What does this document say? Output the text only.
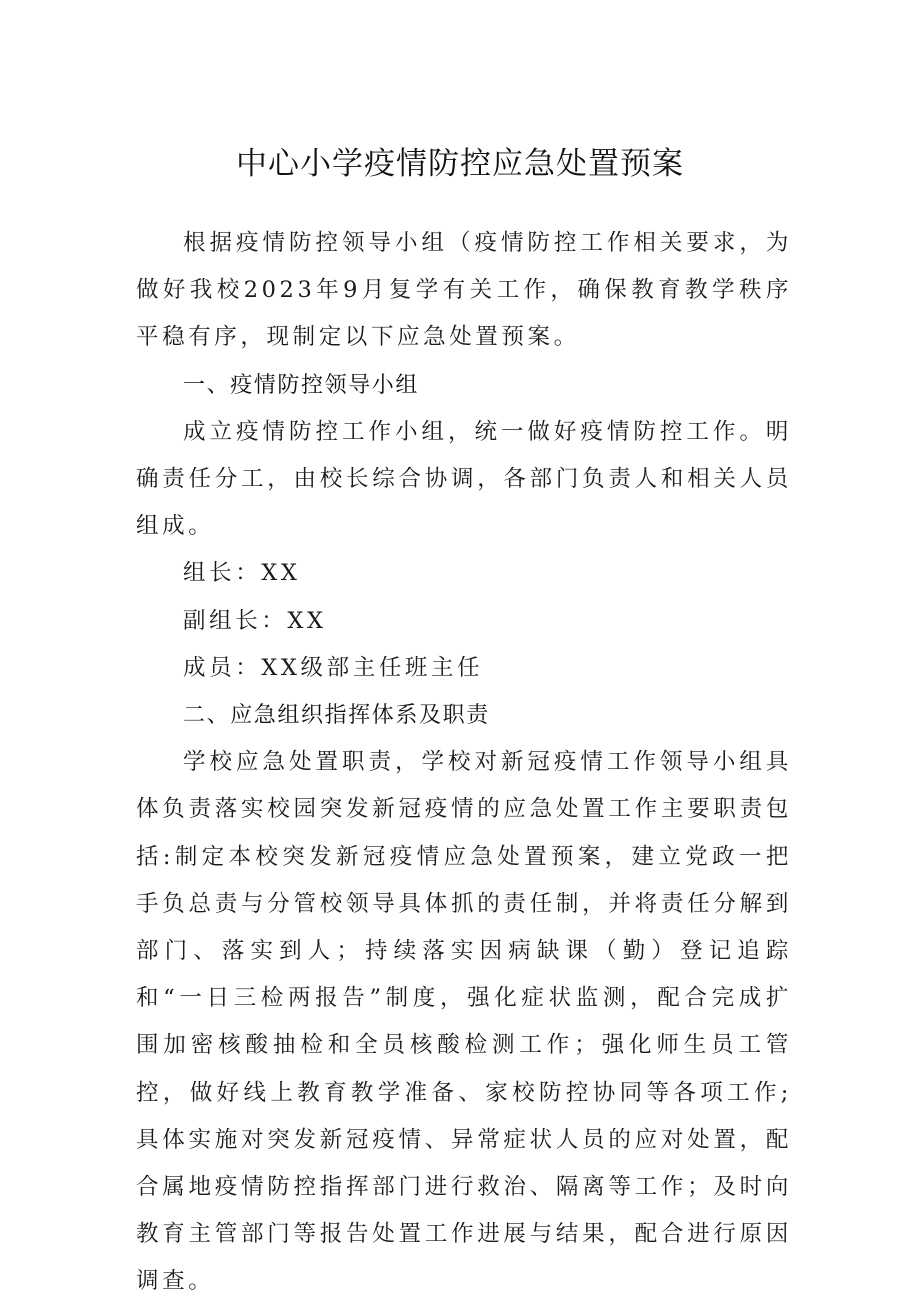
中心小学疫情防控应急处置预案

根据疫情防控领导小组（疫情防控工作相关要求，为做好我校2023年9月复学有关工作，确保教育教学秩序平稳有序，现制定以下应急处置预案。

一、疫情防控领导小组

成立疫情防控工作小组，统一做好疫情防控工作。明确责任分工，由校长综合协调，各部门负责人和相关人员组成。

组长：XX

副组长：XX

成员：XX级部主任班主任

二、应急组织指挥体系及职责

学校应急处置职责，学校对新冠疫情工作领导小组具体负责落实校园突发新冠疫情的应急处置工作主要职责包括:制定本校突发新冠疫情应急处置预案，建立党政一把手负总责与分管校领导具体抓的责任制，并将责任分解到部门、落实到人；持续落实因病缺课（勤）登记追踪和“一日三检两报告”制度，强化症状监测，配合完成扩围加密核酸抽检和全员核酸检测工作；强化师生员工管控，做好线上教育教学准备、家校防控协同等各项工作;具体实施对突发新冠疫情、异常症状人员的应对处置，配合属地疫情防控指挥部门进行救治、隔离等工作；及时向教育主管部门等报告处置工作进展与结果，配合进行原因调查。
